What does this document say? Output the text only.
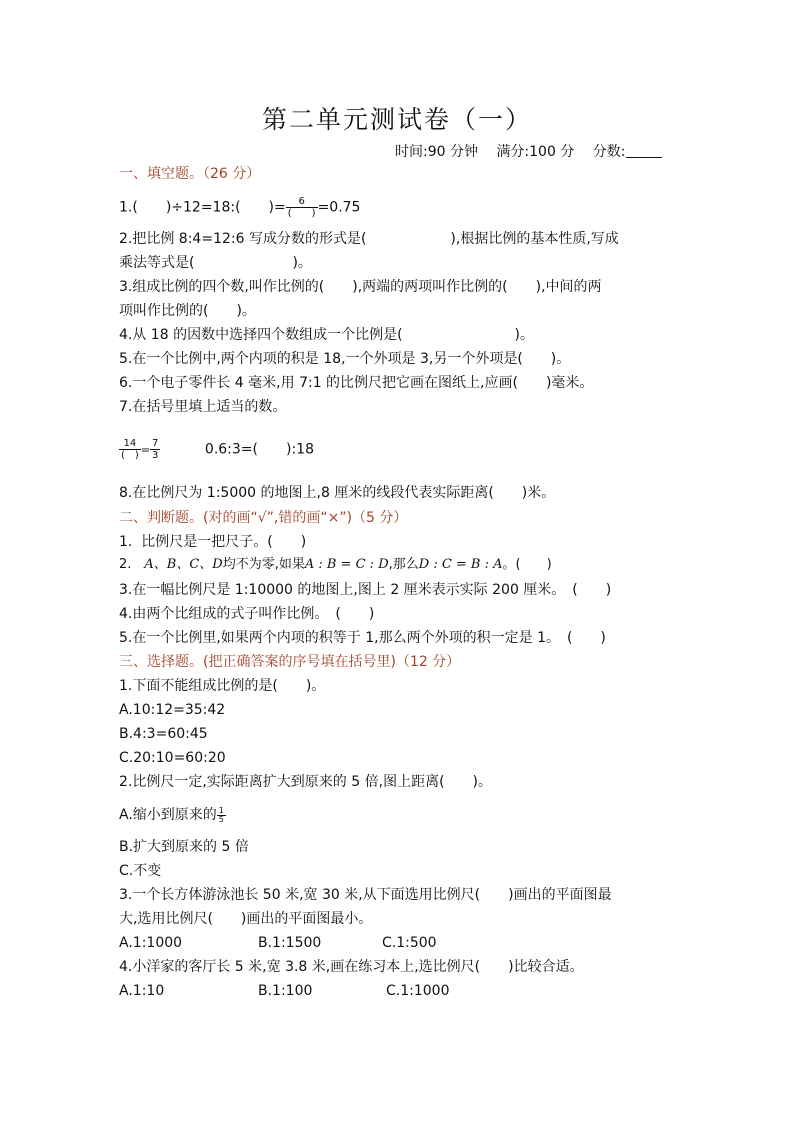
第二单元测试卷（一）
时间:90 分钟　 满分:100 分　 分数:
一、填空题。（26 分）
1.(　　)÷12=18:(　　)= $\frac{6}{( )} =0.75$
2.把比例 8:4=12:6 写成分数的形式是(　　　　　　),根据比例的基本性质,写成
乘法等式是(　　　　　　　)。
3.组成比例的四个数,叫作比例的(　　),两端的两项叫作比例的(　　),中间的两
项叫作比例的(　　)。
4.从 18 的因数中选择四个数组成一个比例是(　　　　　　　　)。
5.在一个比例中,两个内项的积是 18,一个外项是 3,另一个外项是(　　)。
6.一个电子零件长 4 毫米,用 7:1 的比例尺把它画在图纸上,应画(　　)毫米。
7.在括号里填上适当的数。
$\frac{14}{( )} = \frac{7}{3}$	0.6:3=(　　):18
8.在比例尺为 1:5000 的地图上,8 厘米的线段代表实际距离(　　)米。
二、判断题。(对的画“√”,错的画“×”)（5 分）
1.  比例尺是一把尺子。(　　)
2.　A、B、C、D均不为零,如果A : B = C : D,那么D : C = B : A。(　　)
3.在一幅比例尺是 1:10000 的地图上,图上 2 厘米表示实际 200 厘米。　(　　)
4.由两个比组成的式子叫作比例。　(　　)
5.在一个比例里,如果两个内项的积等于 1,那么两个外项的积一定是 1。　(　　)
三、选择题。(把正确答案的序号填在括号里)（12 分）
1.下面不能组成比例的是(　　)。
A.10:12=35:42
B.4:3=60:45
C.20:10=60:20
2.比例尺一定,实际距离扩大到原来的 5 倍,图上距离(　　)。
A.缩小到原来的 $\frac{1}{5}$
B.扩大到原来的 5 倍
C.不变
3.一个长方体游泳池长 50 米,宽 30 米,从下面选用比例尺(　　)画出的平面图最
大,选用比例尺(　　)画出的平面图最小。
A.1:1000	B.1:1500	C.1:500
4.小洋家的客厅长 5 米,宽 3.8 米,画在练习本上,选比例尺(　　)比较合适。
A.1:10	B.1:100	C.1:1000
